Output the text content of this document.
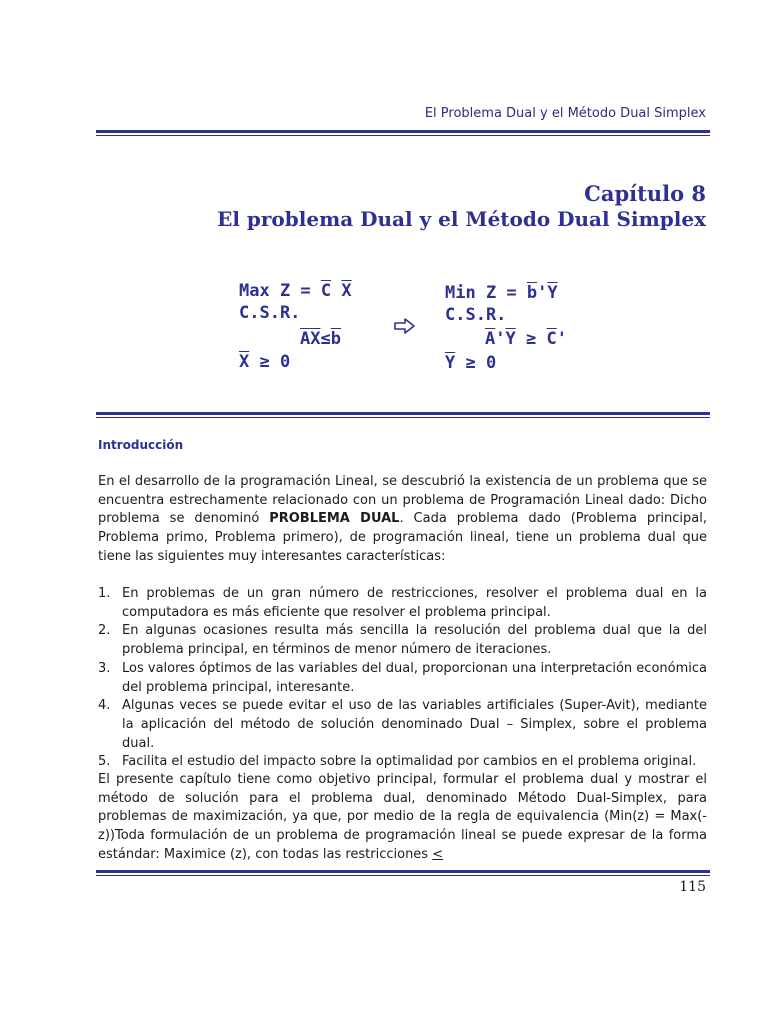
El Problema Dual y el Método Dual Simplex
Capítulo 8
El problema Dual y el Método Dual Simplex
Max $Z = \overline{C}$ $\overline{X}$
C.S.R.
$\overline{A}\overline{X}\le\overline{b}$
$\overline{X} \ge 0$
Min $Z = \overline{b}'\overline{Y}$
C.S.R.
$\overline{A}'\overline{Y} \ge \overline{C}'$
$\overline{Y} \ge 0$
Introducción
En el desarrollo de la programación Lineal, se descubrió la existencia de un problema que se encuentra estrechamente relacionado con un problema de Programación Lineal dado: Dicho problema se denominó PROBLEMA DUAL. Cada problema dado (Problema principal, Problema primo, Problema primero), de programación lineal, tiene un problema dual que tiene las siguientes muy interesantes características:
1. En problemas de un gran número de restricciones, resolver el problema dual en la computadora es más eficiente que resolver el problema principal.
2. En algunas ocasiones resulta más sencilla la resolución del problema dual que la del problema principal, en términos de menor número de iteraciones.
3. Los valores óptimos de las variables del dual, proporcionan una interpretación económica del problema principal, interesante.
4. Algunas veces se puede evitar el uso de las variables artificiales (Super-Avit), mediante la aplicación del método de solución denominado Dual – Simplex, sobre el problema dual.
5. Facilita el estudio del impacto sobre la optimalidad por cambios en el problema original.
El presente capítulo tiene como objetivo principal, formular el problema dual y mostrar el método de solución para el problema dual, denominado Método Dual-Simplex, para problemas de maximización, ya que, por medio de la regla de equivalencia (Min(z) = Max(-z))Toda formulación de un problema de programación lineal se puede expresar de la forma estándar: Maximice (z), con todas las restricciones <
115
